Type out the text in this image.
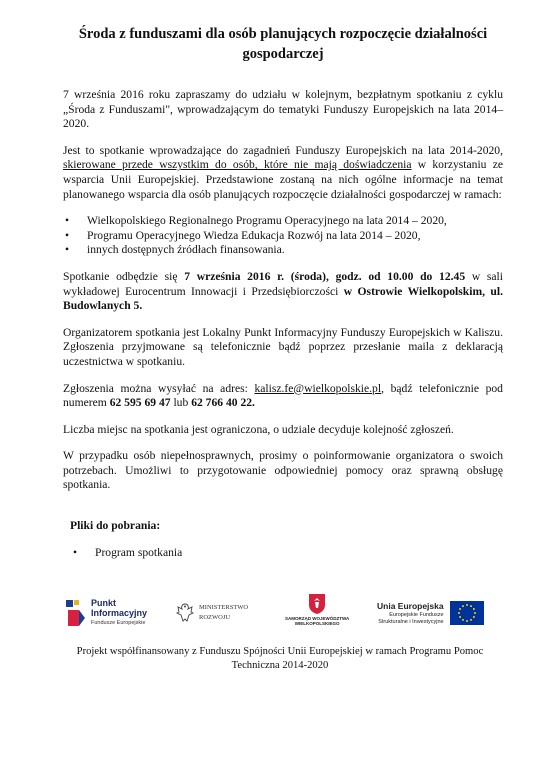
Środa z funduszami dla osób planujących rozpoczęcie działalności gospodarczej

7 września 2016 roku zapraszamy do udziału w kolejnym, bezpłatnym spotkaniu z cyklu „Środa z Funduszami", wprowadzającym do tematyki Funduszy Europejskich na lata 2014–2020.

Jest to spotkanie wprowadzające do zagadnień Funduszy Europejskich na lata 2014-2020, skierowane przede wszystkim do osób, które nie mają doświadczenia w korzystaniu ze wsparcia Unii Europejskiej. Przedstawione zostaną na nich ogólne informacje na temat planowanego wsparcia dla osób planujących rozpoczęcie działalności gospodarczej w ramach:

• Wielkopolskiego Regionalnego Programu Operacyjnego na lata 2014 – 2020,
• Programu Operacyjnego Wiedza Edukacja Rozwój na lata 2014 – 2020,
• innych dostępnych źródłach finansowania.

Spotkanie odbędzie się 7 września 2016 r. (środa), godz. od 10.00 do 12.45 w sali wykładowej Eurocentrum Innowacji i Przedsiębiorczości w Ostrowie Wielkopolskim, ul. Budowlanych 5.

Organizatorem spotkania jest Lokalny Punkt Informacyjny Funduszy Europejskich w Kaliszu. Zgłoszenia przyjmowane są telefonicznie bądź poprzez przesłanie maila z deklaracją uczestnictwa w spotkaniu.

Zgłoszenia można wysyłać na adres: kalisz.fe@wielkopolskie.pl, bądź telefonicznie pod numerem 62 595 69 47 lub 62 766 40 22.

Liczba miejsc na spotkania jest ograniczona, o udziale decyduje kolejność zgłoszeń.

W przypadku osób niepełnosprawnych, prosimy o poinformowanie organizatora o swoich potrzebach. Umożliwi to przygotowanie odpowiedniej pomocy oraz sprawną obsługę spotkania.

Pliki do pobrania:
• Program spotkania
Punkt
Informacyjny
Fundusze Europejskie
MINISTERSTWO
ROZWOJU	SAMORZĄD WOJEWÓDZTWA
WIELKOPOLSKIEGO
Unia Europejska
Europejskie Fundusze
Strukturalne i Inwestycyjne
Projekt współfinansowany z Funduszu Spójności Unii Europejskiej w ramach Programu Pomoc
Techniczna 2014-2020
